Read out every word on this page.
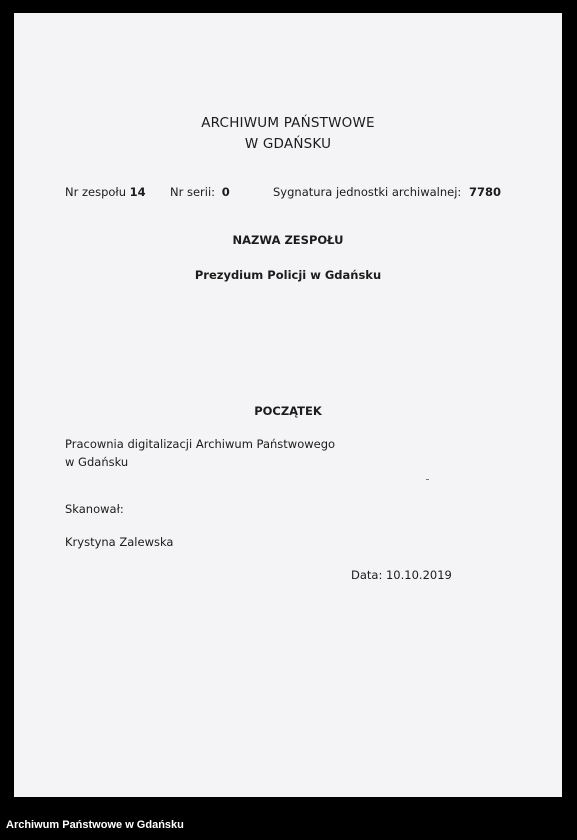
ARCHIWUM PAŃSTWOWE
W GDAŃSKU
Nr zespołu 14 Nr serii: 0	Sygnatura jednostki archiwalnej: 7780
NAZWA ZESPOŁU
Prezydium Policji w Gdańsku
POCZĄTEK
Pracownia digitalizacji Archiwum Państwowego
w Gdańsku
Skanował:
Krystyna Zalewska
Data: 10.10.2019
Archiwum Państwowe w Gdańsku
